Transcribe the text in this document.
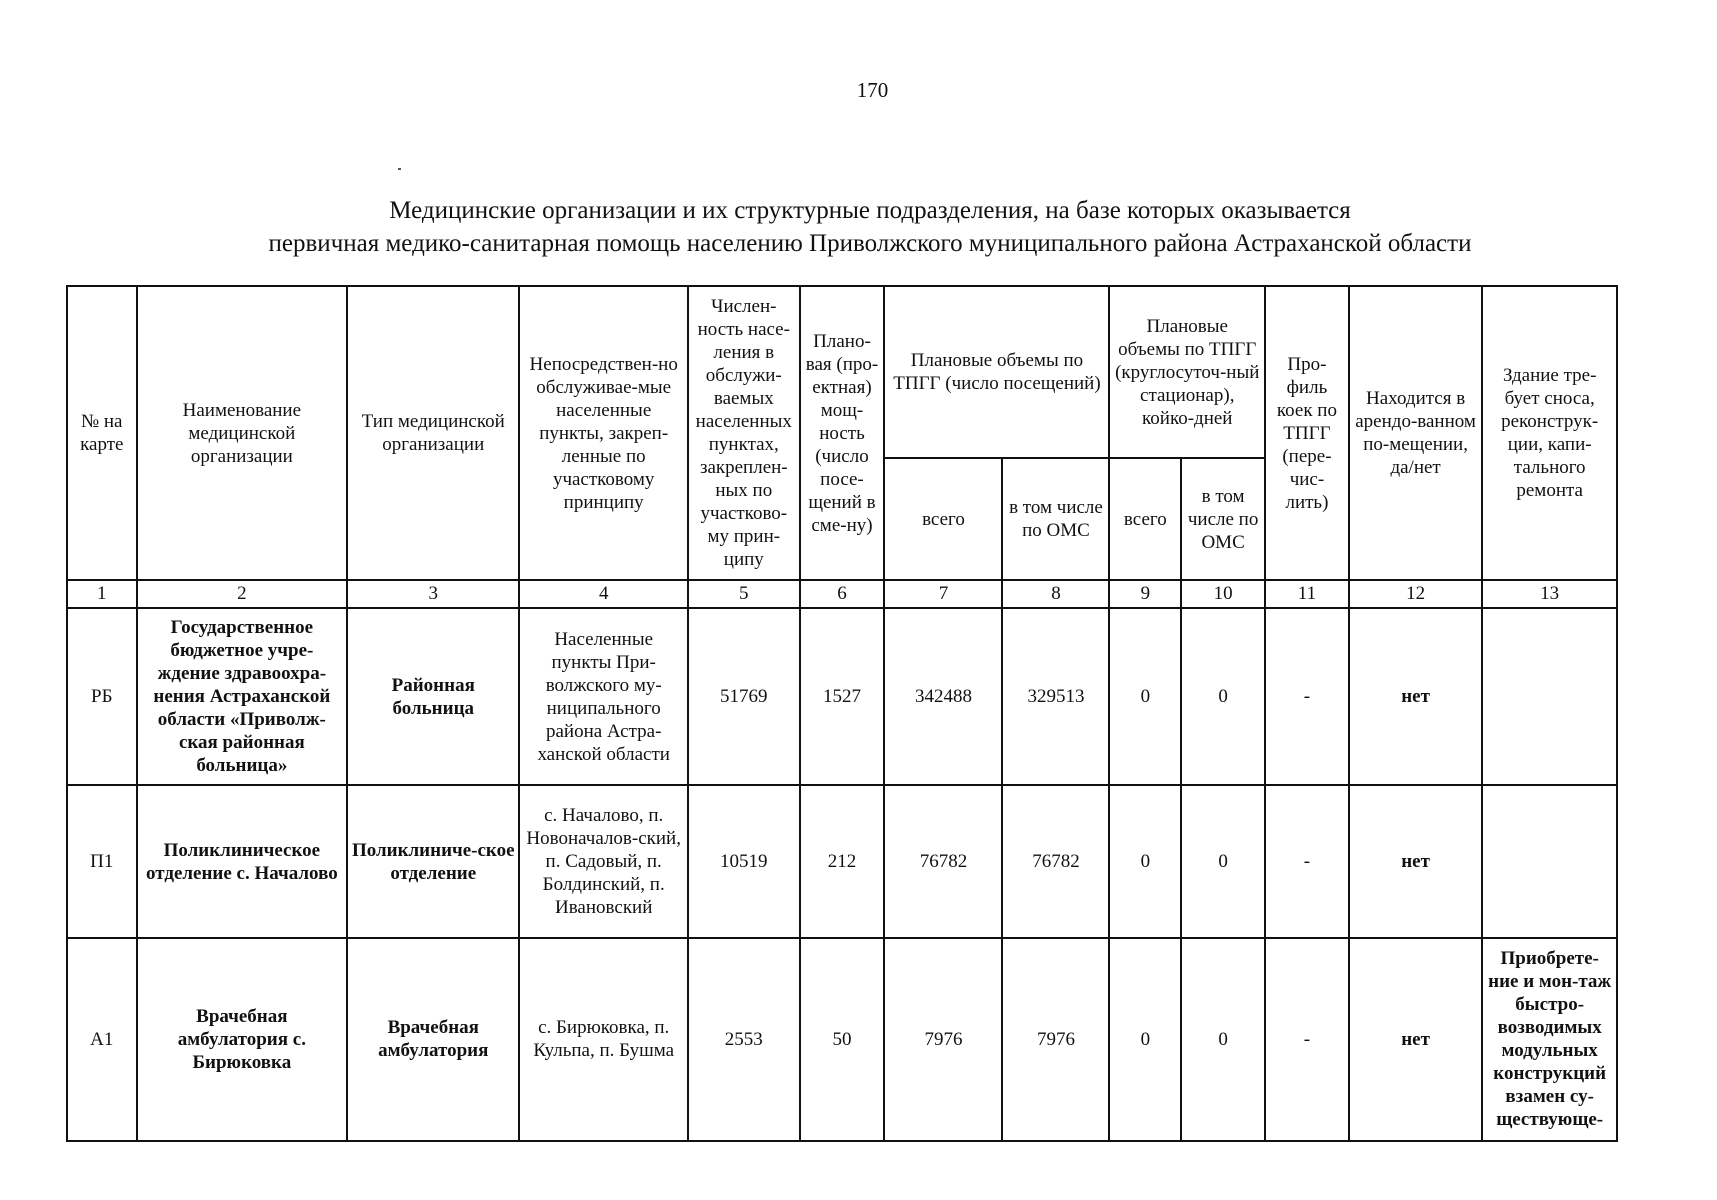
170
Медицинские организации и их структурные подразделения, на базе которых оказывается
первичная медико-санитарная помощь населению Приволжского муниципального района Астраханской области
№ на карте	Наименование медицинской организации	Тип медицинской организации	Непосредствен-но обслуживае-мые населенные пункты, закреп-ленные по участковому принципу	Числен-ность насе-ления в обслужи-ваемых населенных пунктах, закреплен-ных по участково-му прин-ципу	Плано-вая (про-ектная) мощ-ность (число посе-щений в сме-ну)	Плановые объемы по ТПГГ (число посещений)		Плановые объемы по ТПГГ (круглосуточ-ный стационар), койко-дней		Про-филь коек по ТПГГ (пере-чис-лить)	Находится в арендо-ванном по-мещении, да/нет	Здание тре-бует сноса, реконструк-ции, капи-тального ремонта
						всего	в том числе по ОМС	всего	в том числе по ОМС			
1	2	3	4	5	6	7	8	9	10	11	12	13
РБ	Государственное бюджетное учре-ждение здравоохра-нения Астраханской области «Приволж-ская районная больница»	Районная больница	Населенные пункты При-волжского му-ниципального района Астра-ханской области	51769	1527	342488	329513	0	0	-	нет	
П1	Поликлиническое отделение с. Началово	Поликлиниче-ское отделение	с. Началово, п. Новоначалов-ский, п. Садовый, п. Болдинский, п. Ивановский	10519	212	76782	76782	0	0	-	нет	
А1	Врачебная амбулатория с. Бирюковка	Врачебная амбулатория	с. Бирюковка, п. Кульпа, п. Бушма	2553	50	7976	7976	0	0	-	нет	Приобрете-ние и мон-таж быстро-возводимых модульных конструкций взамен су-ществующе-
